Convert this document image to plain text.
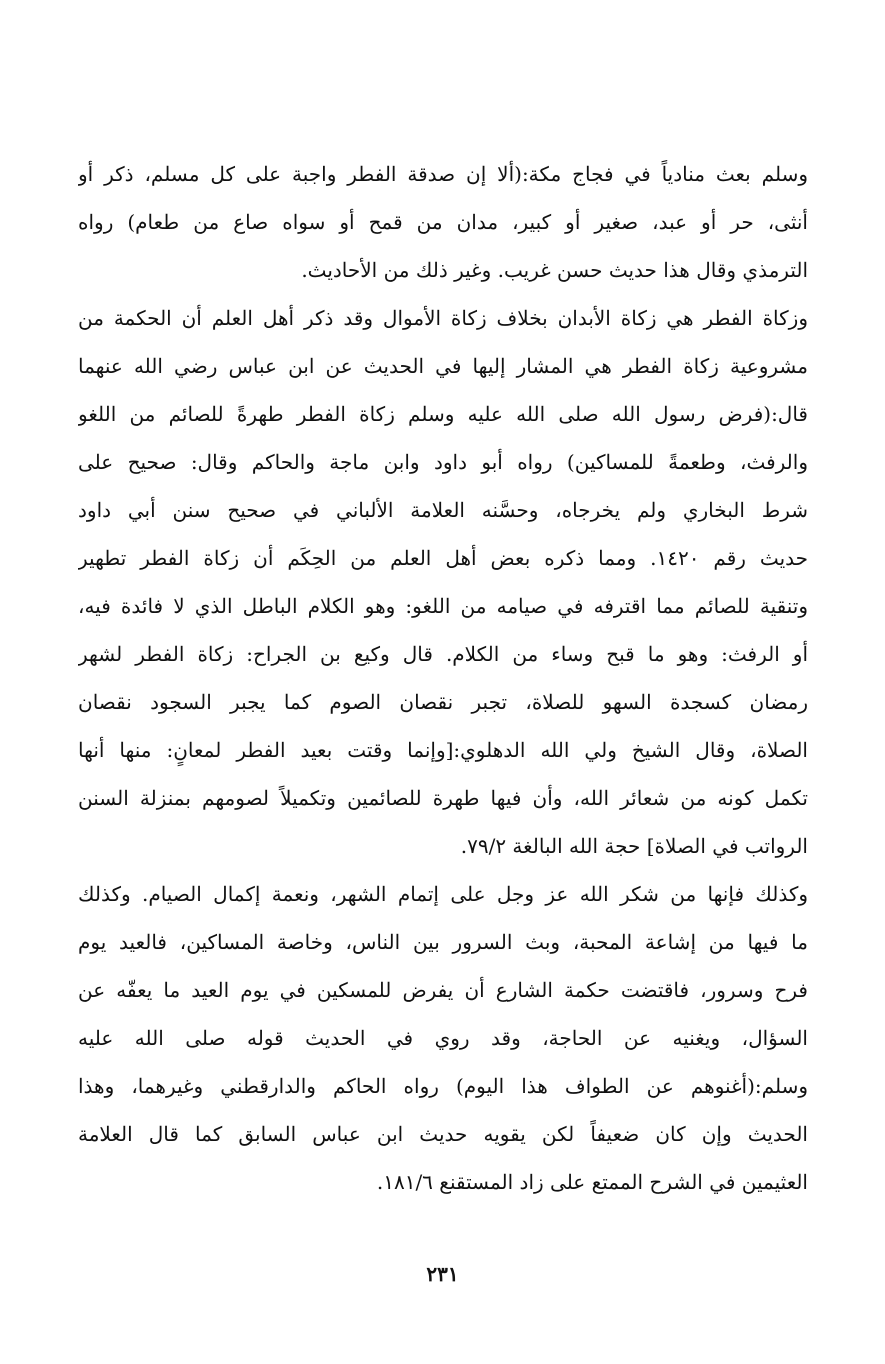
وسلم بعث منادياً في فجاج مكة:(ألا إن صدقة الفطر واجبة على كل مسلم، ذكر أو
أنثى، حر أو عبد، صغير أو كبير، مدان من قمح أو سواه صاع من طعام) رواه
الترمذي وقال هذا حديث حسن غريب. وغير ذلك من الأحاديث.
وزكاة الفطر هي زكاة الأبدان بخلاف زكاة الأموال وقد ذكر أهل العلم أن الحكمة من
مشروعية زكاة الفطر هي المشار إليها في الحديث عن ابن عباس رضي الله عنهما
قال:(فرض رسول الله صلى الله عليه وسلم زكاة الفطر طهرةً للصائم من اللغو
والرفث، وطعمةً للمساكين) رواه أبو داود وابن ماجة والحاكم وقال: صحيح على
شرط البخاري ولم يخرجاه، وحسَّنه العلامة الألباني في صحيح سنن أبي داود
حديث رقم ١٤٢٠. ومما ذكره بعض أهل العلم من الحِكَم أن زكاة الفطر تطهير
وتنقية للصائم مما اقترفه في صيامه من اللغو: وهو الكلام الباطل الذي لا فائدة فيه،
أو الرفث: وهو ما قبح وساء من الكلام. قال وكيع بن الجراح: زكاة الفطر لشهر
رمضان كسجدة السهو للصلاة، تجبر نقصان الصوم كما يجبر السجود نقصان
الصلاة، وقال الشيخ ولي الله الدهلوي:[وإنما وقتت بعيد الفطر لمعانٍ: منها أنها
تكمل كونه من شعائر الله، وأن فيها طهرة للصائمين وتكميلاً لصومهم بمنزلة السنن
الرواتب في الصلاة] حجة الله البالغة ٧٩/٢.
وكذلك فإنها من شكر الله عز وجل على إتمام الشهر، ونعمة إكمال الصيام. وكذلك
ما فيها من إشاعة المحبة، وبث السرور بين الناس، وخاصة المساكين، فالعيد يوم
فرح وسرور، فاقتضت حكمة الشارع أن يفرض للمسكين في يوم العيد ما يعفّه عن
السؤال، ويغنيه عن الحاجة، وقد روي في الحديث قوله صلى الله عليه
وسلم:(أغنوهم عن الطواف هذا اليوم) رواه الحاكم والدارقطني وغيرهما، وهذا
الحديث وإن كان ضعيفاً لكن يقويه حديث ابن عباس السابق كما قال العلامة
العثيمين في الشرح الممتع على زاد المستقنع ١٨١/٦.
٢٣١
